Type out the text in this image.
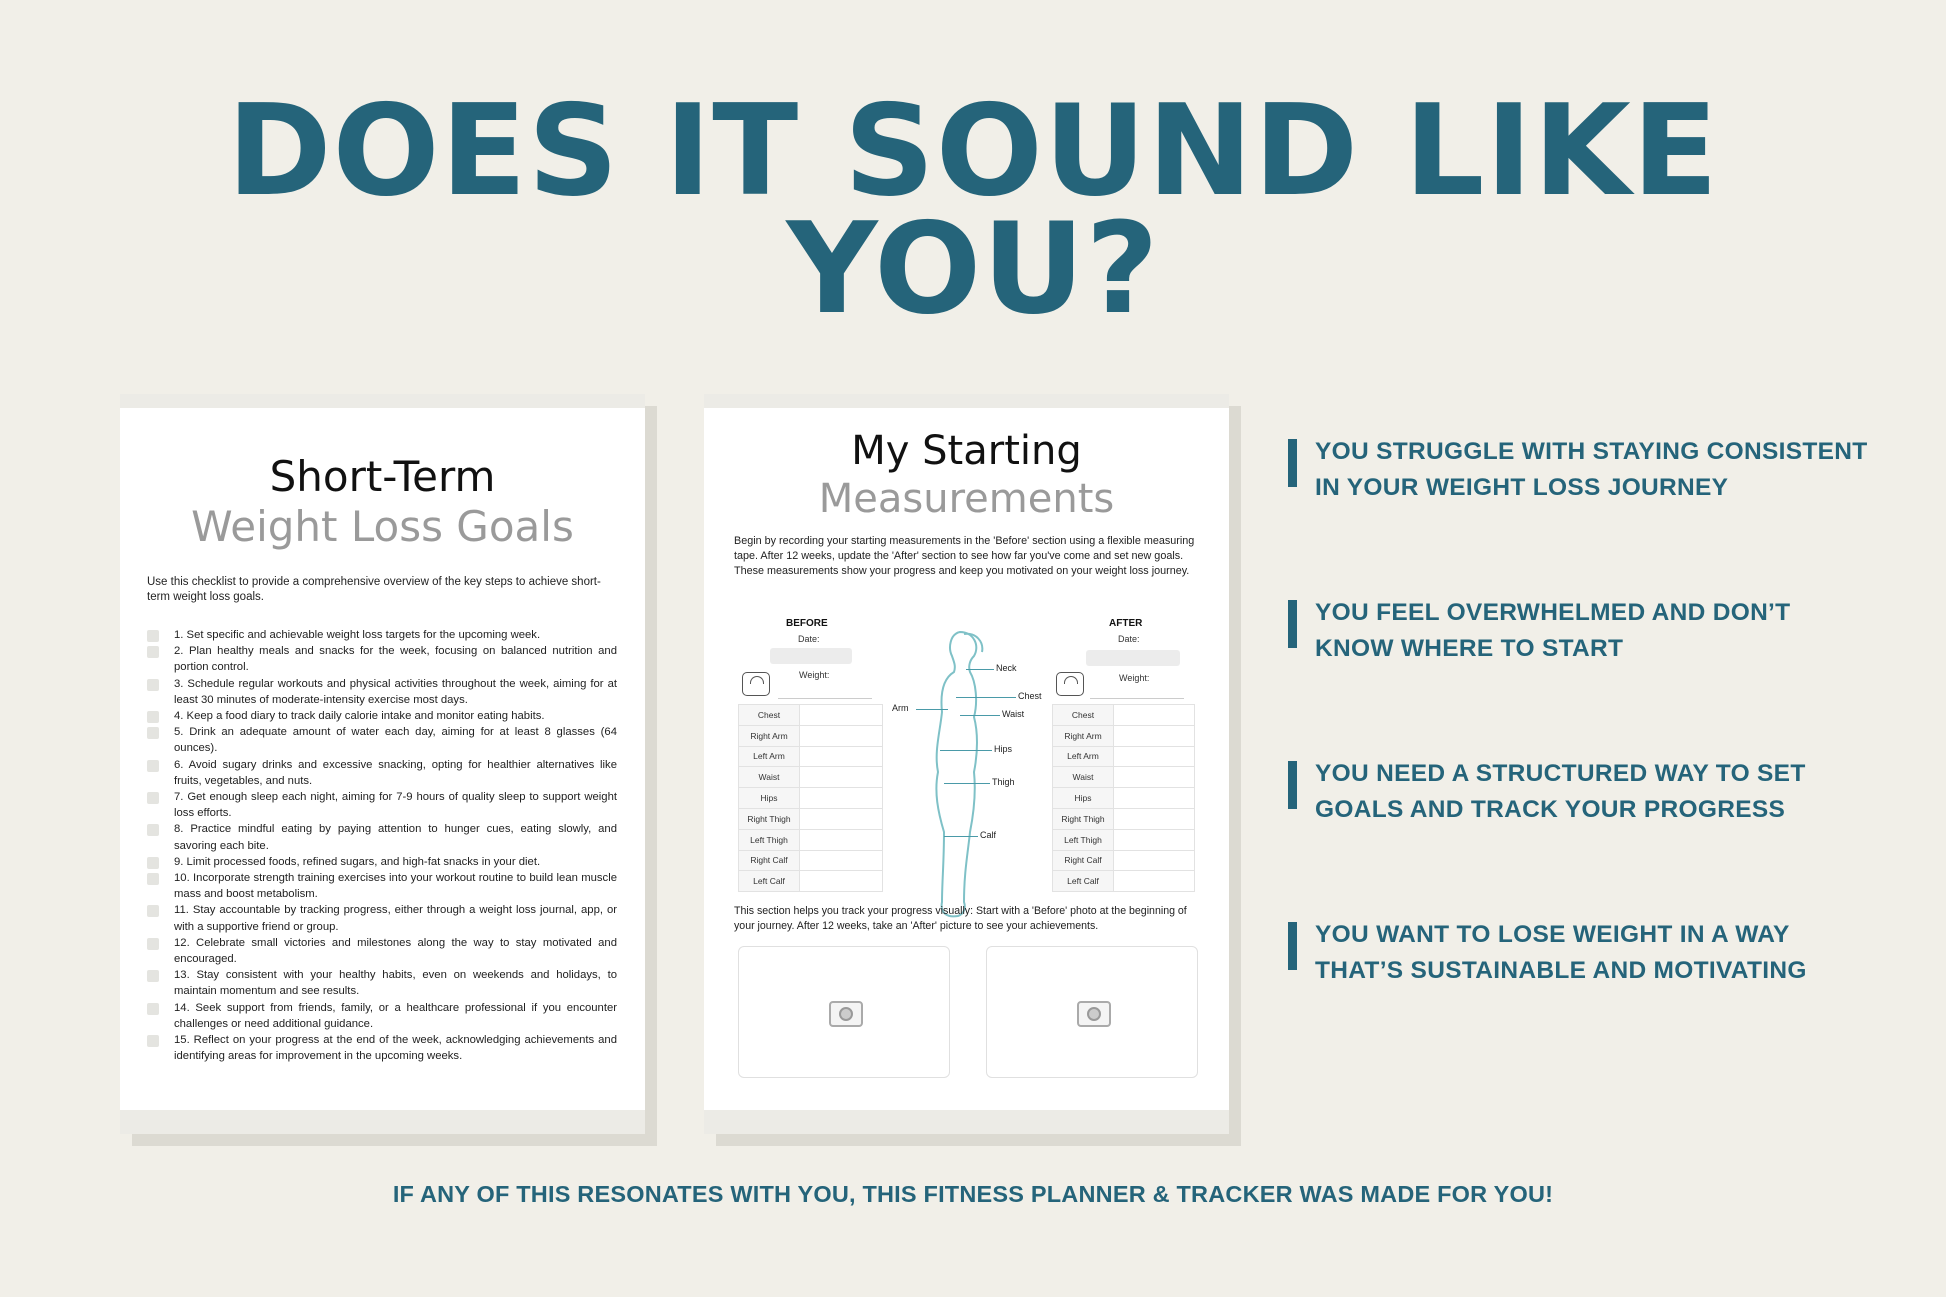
DOES IT SOUND LIKE
YOU?
Short-Term
Weight Loss Goals
Use this checklist to provide a comprehensive overview of the key steps to achieve short-term weight loss goals.
1. Set specific and achievable weight loss targets for the upcoming week.
2. Plan healthy meals and snacks for the week, focusing on balanced nutrition and portion control.
3. Schedule regular workouts and physical activities throughout the week, aiming for at least 30 minutes of moderate-intensity exercise most days.
4. Keep a food diary to track daily calorie intake and monitor eating habits.
5. Drink an adequate amount of water each day, aiming for at least 8 glasses (64 ounces).
6. Avoid sugary drinks and excessive snacking, opting for healthier alternatives like fruits, vegetables, and nuts.
7. Get enough sleep each night, aiming for 7-9 hours of quality sleep to support weight loss efforts.
8. Practice mindful eating by paying attention to hunger cues, eating slowly, and savoring each bite.
9. Limit processed foods, refined sugars, and high-fat snacks in your diet.
10. Incorporate strength training exercises into your workout routine to build lean muscle mass and boost metabolism.
11. Stay accountable by tracking progress, either through a weight loss journal, app, or with a supportive friend or group.
12. Celebrate small victories and milestones along the way to stay motivated and encouraged.
13. Stay consistent with your healthy habits, even on weekends and holidays, to maintain momentum and see results.
14. Seek support from friends, family, or a healthcare professional if you encounter challenges or need additional guidance.
15. Reflect on your progress at the end of the week, acknowledging achievements and identifying areas for improvement in the upcoming weeks.
My Starting
Measurements
Begin by recording your starting measurements in the 'Before' section using a flexible measuring tape. After 12 weeks, update the 'After' section to see how far you've come and set new goals. These measurements show your progress and keep you motivated on your weight loss journey.
BEFORE
Date:
Weight:
Chest	
Right Arm	
Left Arm	
Waist	
Hips	
Right Thigh	
Left Thigh	
Right Calf	
Left Calf	
Neck
Chest
Arm
Waist
Hips
Thigh
Calf
AFTER
Date:
Weight:
Chest	
Right Arm	
Left Arm	
Waist	
Hips	
Right Thigh	
Left Thigh	
Right Calf	
Left Calf	
This section helps you track your progress visually: Start with a 'Before' photo at the beginning of your journey. After 12 weeks, take an 'After' picture to see your achievements.
YOU STRUGGLE WITH STAYING CONSISTENT
IN YOUR WEIGHT LOSS JOURNEY
YOU FEEL OVERWHELMED AND DON’T
KNOW WHERE TO START
YOU NEED A STRUCTURED WAY TO SET
GOALS AND TRACK YOUR PROGRESS
YOU WANT TO LOSE WEIGHT IN A WAY
THAT’S SUSTAINABLE AND MOTIVATING
IF ANY OF THIS RESONATES WITH YOU, THIS FITNESS PLANNER & TRACKER WAS MADE FOR YOU!
